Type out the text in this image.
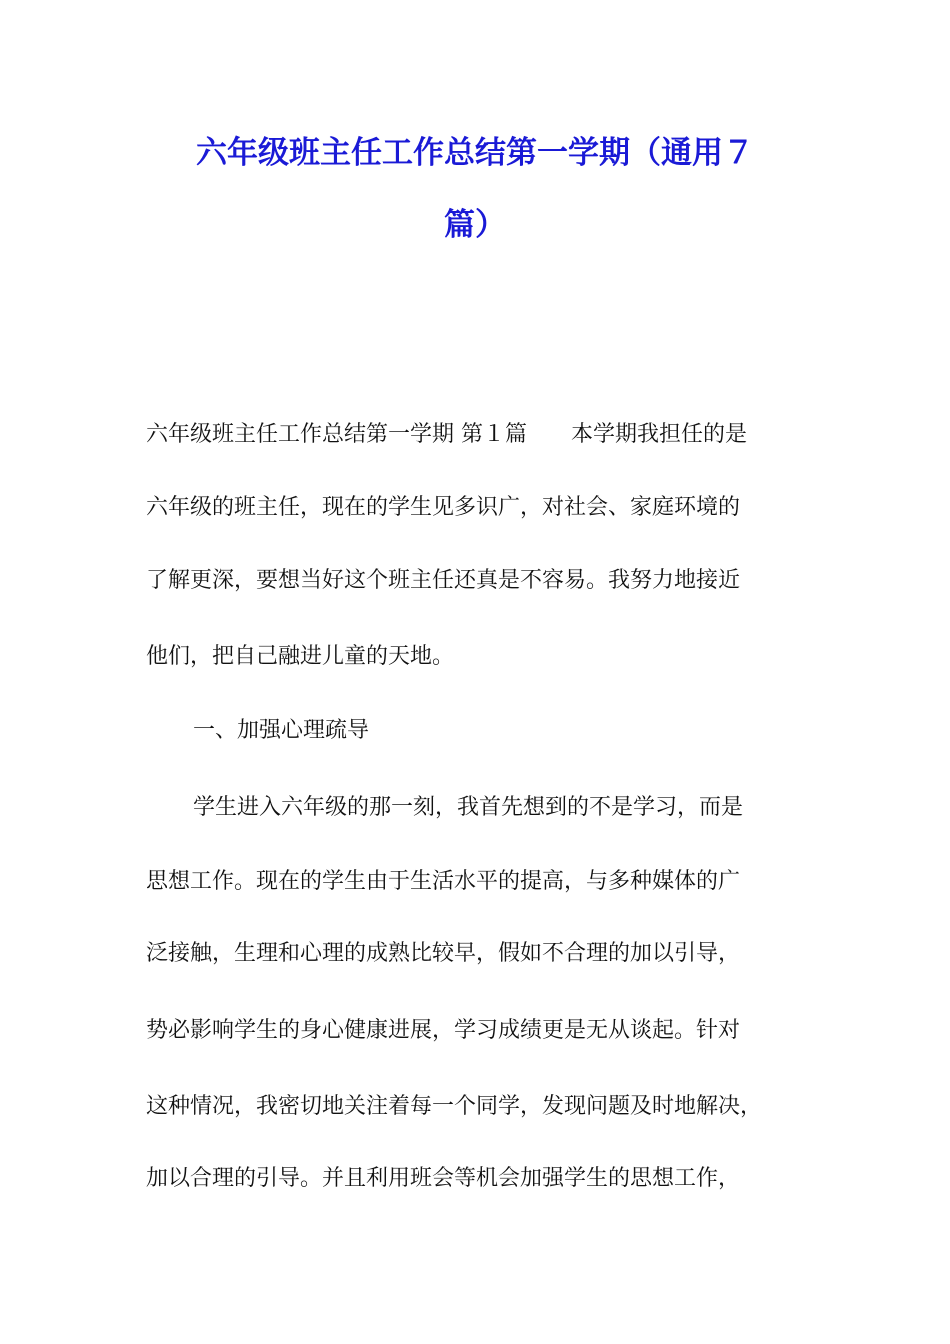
六年级班主任工作总结第一学期（通用７
篇）
六年级班主任工作总结第一学期 第１篇　　本学期我担任的是
六年级的班主任，现在的学生见多识广，对社会、家庭环境的
了解更深，要想当好这个班主任还真是不容易。我努力地接近
他们，把自己融进儿童的天地。
一、加强心理疏导
学生进入六年级的那一刻，我首先想到的不是学习，而是
思想工作。现在的学生由于生活水平的提高，与多种媒体的广
泛接触，生理和心理的成熟比较早，假如不合理的加以引导，
势必影响学生的身心健康进展，学习成绩更是无从谈起。针对
这种情况，我密切地关注着每一个同学，发现问题及时地解决，
加以合理的引导。并且利用班会等机会加强学生的思想工作，
